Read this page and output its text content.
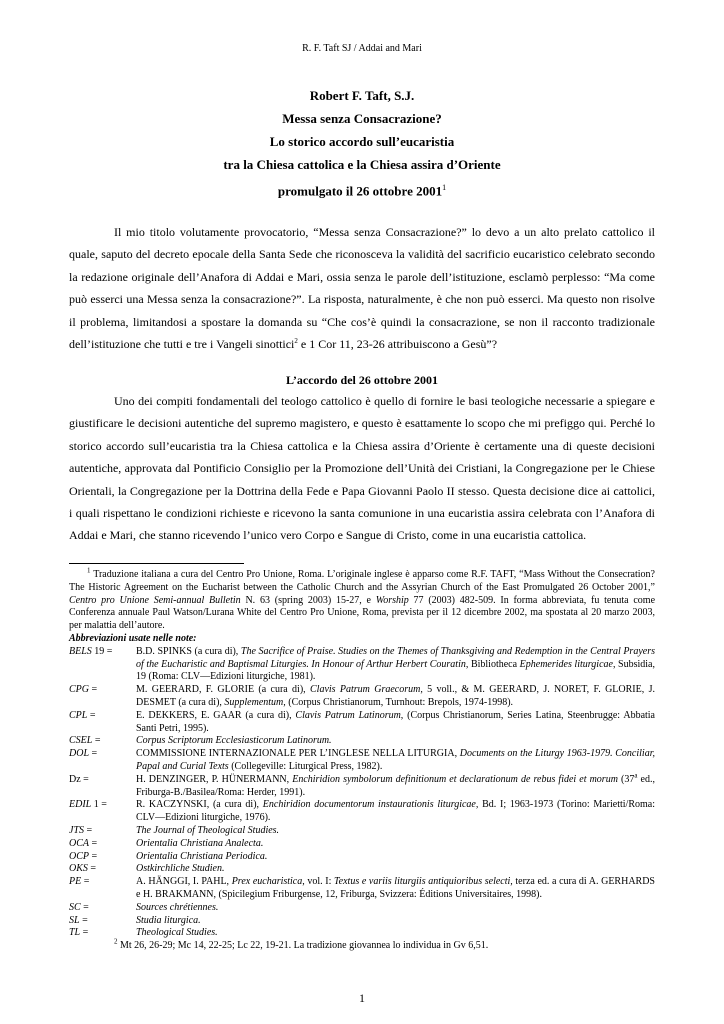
R. F. Taft SJ / Addai and Mari
Robert F. Taft, S.J.
Messa senza Consacrazione?
Lo storico accordo sull’eucaristia
tra la Chiesa cattolica e la Chiesa assira d’Oriente
promulgato il 26 ottobre 2001$^1$

Il mio titolo volutamente provocatorio, “Messa senza Consacrazione?” lo devo a un alto prelato cattolico il quale, saputo del decreto epocale della Santa Sede che riconosceva la validità del sacrificio eucaristico celebrato secondo la redazione originale dell’Anafora di Addai e Mari, ossia senza le parole dell’istituzione, esclamò perplesso: “Ma come può esserci una Messa senza la consacrazione?”. La risposta, naturalmente, è che non può esserci. Ma questo non risolve il problema, limitandosi a spostare la domanda su “Che cos’è quindi la consacrazione, se non il racconto tradizionale dell’istituzione che tutti e tre i Vangeli sinottici$^2$ e 1 Cor 11, 23-26 attribuiscono a Gesù”?

L’accordo del 26 ottobre 2001

Uno dei compiti fondamentali del teologo cattolico è quello di fornire le basi teologiche necessarie a spiegare e giustificare le decisioni autentiche del supremo magistero, e questo è esattamente lo scopo che mi prefiggo qui. Perché lo storico accordo sull’eucaristia tra la Chiesa cattolica e la Chiesa assira d’Oriente è certamente una di queste decisioni autentiche, approvata dal Pontificio Consiglio per la Promozione dell’Unità dei Cristiani, la Congregazione per le Chiese Orientali, la Congregazione per la Dottrina della Fede e Papa Giovanni Paolo II stesso. Questa decisione dice ai cattolici, i quali rispettano le condizioni richieste e ricevono la santa comunione in una eucaristia assira celebrata con l’Anafora di Addai e Mari, che stanno ricevendo l’unico vero Corpo e Sangue di Cristo, come in una eucaristia cattolica.

$^1$ Traduzione italiana a cura del Centro Pro Unione, Roma. L’originale inglese è apparso come R.F. TAFT, “Mass Without the Consecration? The Historic Agreement on the Eucharist between the Catholic Church and the Assyrian Church of the East Promulgated 26 October 2001,” Centro pro Unione Semi-annual Bulletin N. 63 (spring 2003) 15-27, e Worship 77 (2003) 482-509. In forma abbreviata, fu tenuta come Conferenza annuale Paul Watson/Lurana White del Centro Pro Unione, Roma, prevista per il 12 dicembre 2002, ma spostata al 20 marzo 2003, per malattia dell’autore.
Abbreviazioni usate nelle note:
BELS 19 =	B.D. SPINKS (a cura di), The Sacrifice of Praise. Studies on the Themes of Thanksgiving and Redemption in the Central Prayers of the Eucharistic and Baptismal Liturgies. In Honour of Arthur Herbert Couratin, Bibliotheca Ephemerides liturgicae, Subsidia, 19 (Roma: CLV—Edizioni liturgiche, 1981).
CPG =	M. GEERARD, F. GLORIE (a cura di), Clavis Patrum Graecorum, 5 voll., & M. GEERARD, J. NORET, F. GLORIE, J. DESMET (a cura di), Supplementum, (Corpus Christianorum, Turnhout: Brepols, 1974-1998).
CPL =	E. DEKKERS, E. GAAR (a cura di), Clavis Patrum Latinorum, (Corpus Christianorum, Series Latina, Steenbrugge: Abbatia Santi Petri, 1995).
CSEL =	Corpus Scriptorum Ecclesiasticorum Latinorum.
DOL =	COMMISSIONE INTERNAZIONALE PER L’INGLESE NELLA LITURGIA, Documents on the Liturgy 1963-1979. Conciliar, Papal and Curial Texts (Collegeville: Liturgical Press, 1982).
Dz =	H. DENZINGER, P. HÜNERMANN, Enchiridion symbolorum definitionum et declarationum de rebus fidei et morum (37$^a$ ed., Friburga-B./Basilea/Roma: Herder, 1991).
EDIL 1 =	R. KACZYNSKI, (a cura di), Enchiridion documentorum instaurationis liturgicae, Bd. I; 1963-1973 (Torino: Marietti/Roma: CLV—Edizioni liturgiche, 1976).
JTS =	The Journal of Theological Studies.
OCA =	Orientalia Christiana Analecta.
OCP =	Orientalia Christiana Periodica.
OKS =	Ostkirchliche Studien.
PE =	A. HÄNGGI, I. PAHL, Prex eucharistica, vol. I: Textus e variis liturgiis antiquioribus selecti, terza ed. a cura di A. GERHARDS e H. BRAKMANN, (Spicilegium Friburgense, 12, Friburga, Svizzera: Éditions Universitaires, 1998).
SC =	Sources chrétiennes.
SL =	Studia liturgica.
TL =	Theological Studies.
$^2$ Mt 26, 26-29; Mc 14, 22-25; Lc 22, 19-21. La tradizione giovannea lo individua in Gv 6,51.
1
